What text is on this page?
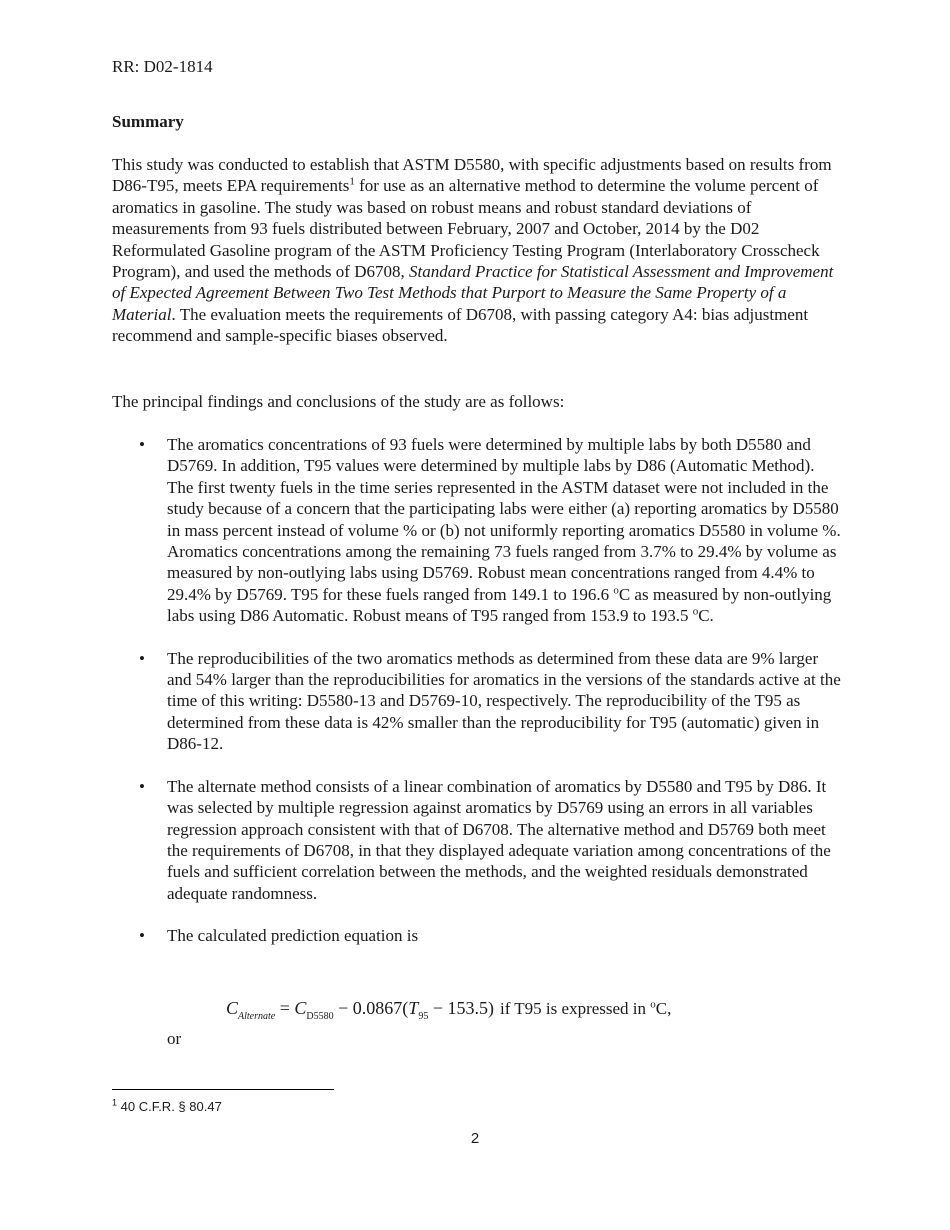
RR: D02-1814
Summary
This study was conducted to establish that ASTM D5580, with specific adjustments based on results from D86-T95, meets EPA requirements$^1$ for use as an alternative method to determine the volume percent of aromatics in gasoline. The study was based on robust means and robust standard deviations of measurements from 93 fuels distributed between February, 2007 and October, 2014 by the D02 Reformulated Gasoline program of the ASTM Proficiency Testing Program (Interlaboratory Crosscheck Program), and used the methods of D6708, Standard Practice for Statistical Assessment and Improvement of Expected Agreement Between Two Test Methods that Purport to Measure the Same Property of a Material. The evaluation meets the requirements of D6708, with passing category A4: bias adjustment recommend and sample-specific biases observed.
The principal findings and conclusions of the study are as follows:
• The aromatics concentrations of 93 fuels were determined by multiple labs by both D5580 and D5769. In addition, T95 values were determined by multiple labs by D86 (Automatic Method). The first twenty fuels in the time series represented in the ASTM dataset were not included in the study because of a concern that the participating labs were either (a) reporting aromatics by D5580 in mass percent instead of volume % or (b) not uniformly reporting aromatics D5580 in volume %. Aromatics concentrations among the remaining 73 fuels ranged from 3.7% to 29.4% by volume as measured by non-outlying labs using D5769. Robust mean concentrations ranged from 4.4% to 29.4% by D5769. T95 for these fuels ranged from 149.1 to 196.6 $^o$C as measured by non-outlying labs using D86 Automatic. Robust means of T95 ranged from 153.9 to 193.5 $^o$C.
• The reproducibilities of the two aromatics methods as determined from these data are 9% larger and 54% larger than the reproducibilities for aromatics in the versions of the standards active at the time of this writing: D5580-13 and D5769-10, respectively. The reproducibility of the T95 as determined from these data is 42% smaller than the reproducibility for T95 (automatic) given in D86-12.
• The alternate method consists of a linear combination of aromatics by D5580 and T95 by D86. It was selected by multiple regression against aromatics by D5769 using an errors in all variables regression approach consistent with that of D6708. The alternative method and D5769 both meet the requirements of D6708, in that they displayed adequate variation among concentrations of the fuels and sufficient correlation between the methods, and the weighted residuals demonstrated adequate randomness.
• The calculated prediction equation is
$C_{Alternate} = C_{D5580} - 0.0867(T_{95} - 153.5)$ if T95 is expressed in $^o$C,
or
$^1$ 40 C.F.R. § 80.47
2
